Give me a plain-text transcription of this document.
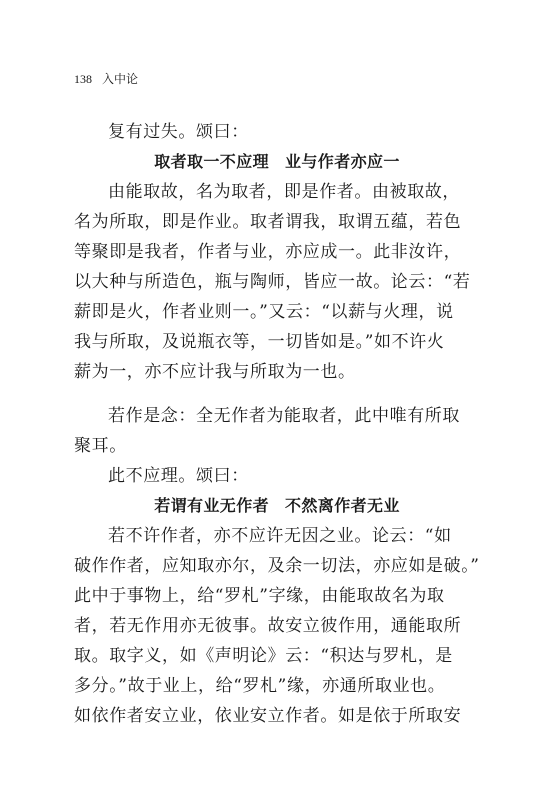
138 入中论
复有过失。颂曰：
取者取一不应理 业与作者亦应一
由能取故，名为取者，即是作者。由被取故，
名为所取，即是作业。取者谓我，取谓五蕴，若色
等聚即是我者，作者与业，亦应成一。此非汝许，
以大种与所造色，瓶与陶师，皆应一故。论云：“若
薪即是火，作者业则一。”又云：“以薪与火理，说
我与所取，及说瓶衣等，一切皆如是。”如不许火
薪为一，亦不应计我与所取为一也。
若作是念：全无作者为能取者，此中唯有所取
聚耳。
此不应理。颂曰：
若谓有业无作者 不然离作者无业
若不许作者，亦不应许无因之业。论云：“如
破作作者，应知取亦尔，及余一切法，亦应如是破。”
此中于事物上，给“罗札”字缘，由能取故名为取
者，若无作用亦无彼事。故安立彼作用，通能取所
取。取字义，如《声明论》云：“积达与罗札，是
多分。”故于业上，给“罗札”缘，亦通所取业也。
如依作者安立业，依业安立作者。如是依于所取安
